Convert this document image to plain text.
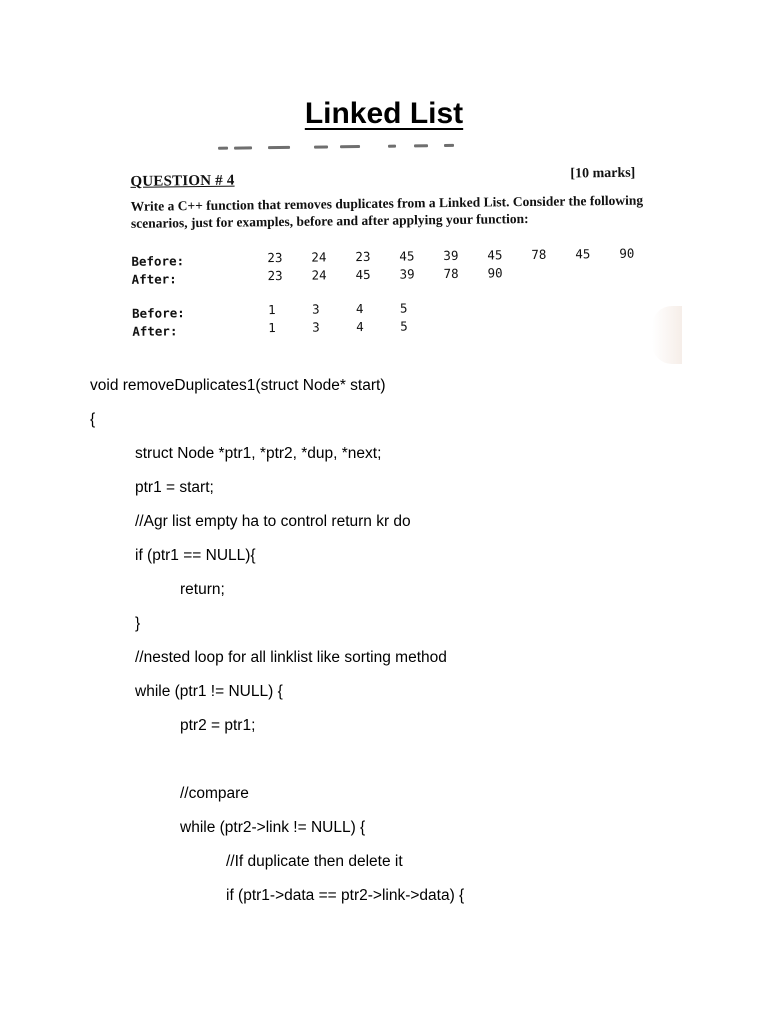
Linked List
QUESTION # 4	[10 marks]
Write a C++ function that removes duplicates from a Linked List. Consider the following
scenarios, just for examples, before and after applying your function:
Before:	23 24 23 45 39 45 78 45 90
After:	23 24 45 39 78 90
Before:	1	3	4	5
After:	1	3	4	5
void removeDuplicates1(struct Node* start)
{
struct Node *ptr1, *ptr2, *dup, *next;
ptr1 = start;
//Agr list empty ha to control return kr do
if (ptr1 == NULL){
return;
}
//nested loop for all linklist like sorting method
while (ptr1 != NULL) {
ptr2 = ptr1;
//compare
while (ptr2->link != NULL) {
//If duplicate then delete it
if (ptr1->data == ptr2->link->data) {
